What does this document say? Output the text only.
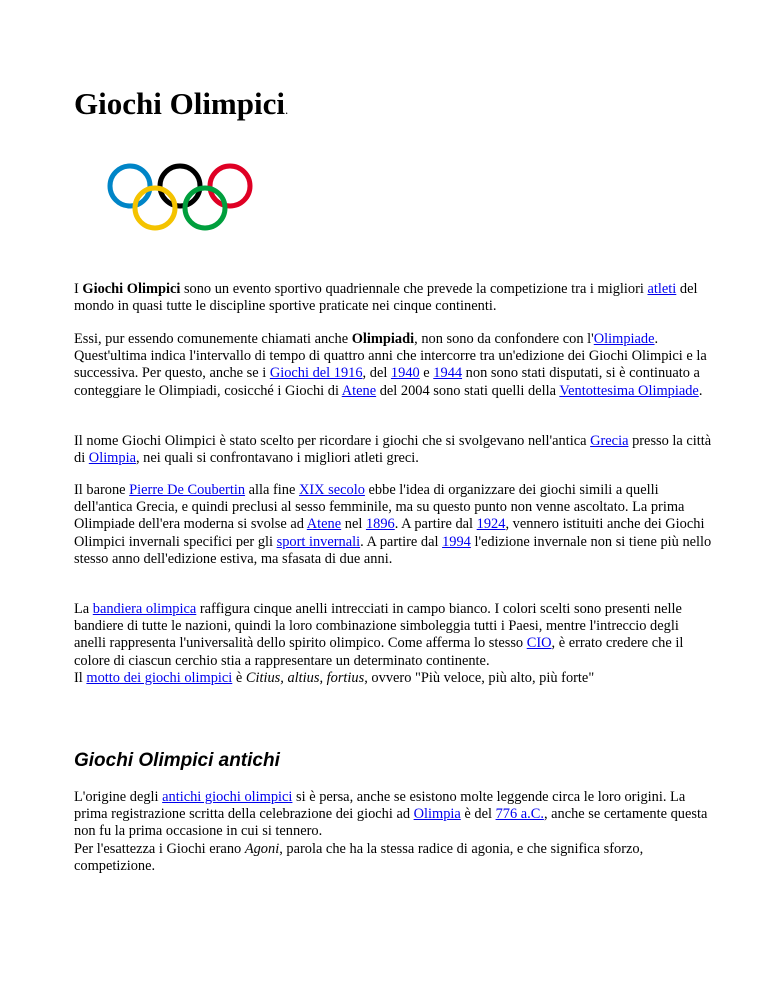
Giochi Olimpici.

I Giochi Olimpici sono un evento sportivo quadriennale che prevede la competizione tra i migliori atleti del mondo in quasi tutte le discipline sportive praticate nei cinque continenti.

Essi, pur essendo comunemente chiamati anche Olimpiadi, non sono da confondere con l'Olimpiade. Quest'ultima indica l'intervallo di tempo di quattro anni che intercorre tra un'edizione dei Giochi Olimpici e la successiva. Per questo, anche se i Giochi del 1916, del 1940 e 1944 non sono stati disputati, si è continuato a conteggiare le Olimpiadi, cosicché i Giochi di Atene del 2004 sono stati quelli della Ventottesima Olimpiade.

Il nome Giochi Olimpici è stato scelto per ricordare i giochi che si svolgevano nell'antica Grecia presso la città di Olimpia, nei quali si confrontavano i migliori atleti greci.

Il barone Pierre De Coubertin alla fine XIX secolo ebbe l'idea di organizzare dei giochi simili a quelli dell'antica Grecia, e quindi preclusi al sesso femminile, ma su questo punto non venne ascoltato. La prima Olimpiade dell'era moderna si svolse ad Atene nel 1896. A partire dal 1924, vennero istituiti anche dei Giochi Olimpici invernali specifici per gli sport invernali. A partire dal 1994 l'edizione invernale non si tiene più nello stesso anno dell'edizione estiva, ma sfasata di due anni.

La bandiera olimpica raffigura cinque anelli intrecciati in campo bianco. I colori scelti sono presenti nelle bandiere di tutte le nazioni, quindi la loro combinazione simboleggia tutti i Paesi, mentre l'intreccio degli anelli rappresenta l'universalità dello spirito olimpico. Come afferma lo stesso CIO, è errato credere che il colore di ciascun cerchio stia a rappresentare un determinato continente.
Il motto dei giochi olimpici è Citius, altius, fortius, ovvero "Più veloce, più alto, più forte"

Giochi Olimpici antichi

L'origine degli antichi giochi olimpici si è persa, anche se esistono molte leggende circa le loro origini. La prima registrazione scritta della celebrazione dei giochi ad Olimpia è del 776 a.C., anche se certamente questa non fu la prima occasione in cui si tennero.
Per l'esattezza i Giochi erano Agoni, parola che ha la stessa radice di agonia, e che significa sforzo, competizione.
